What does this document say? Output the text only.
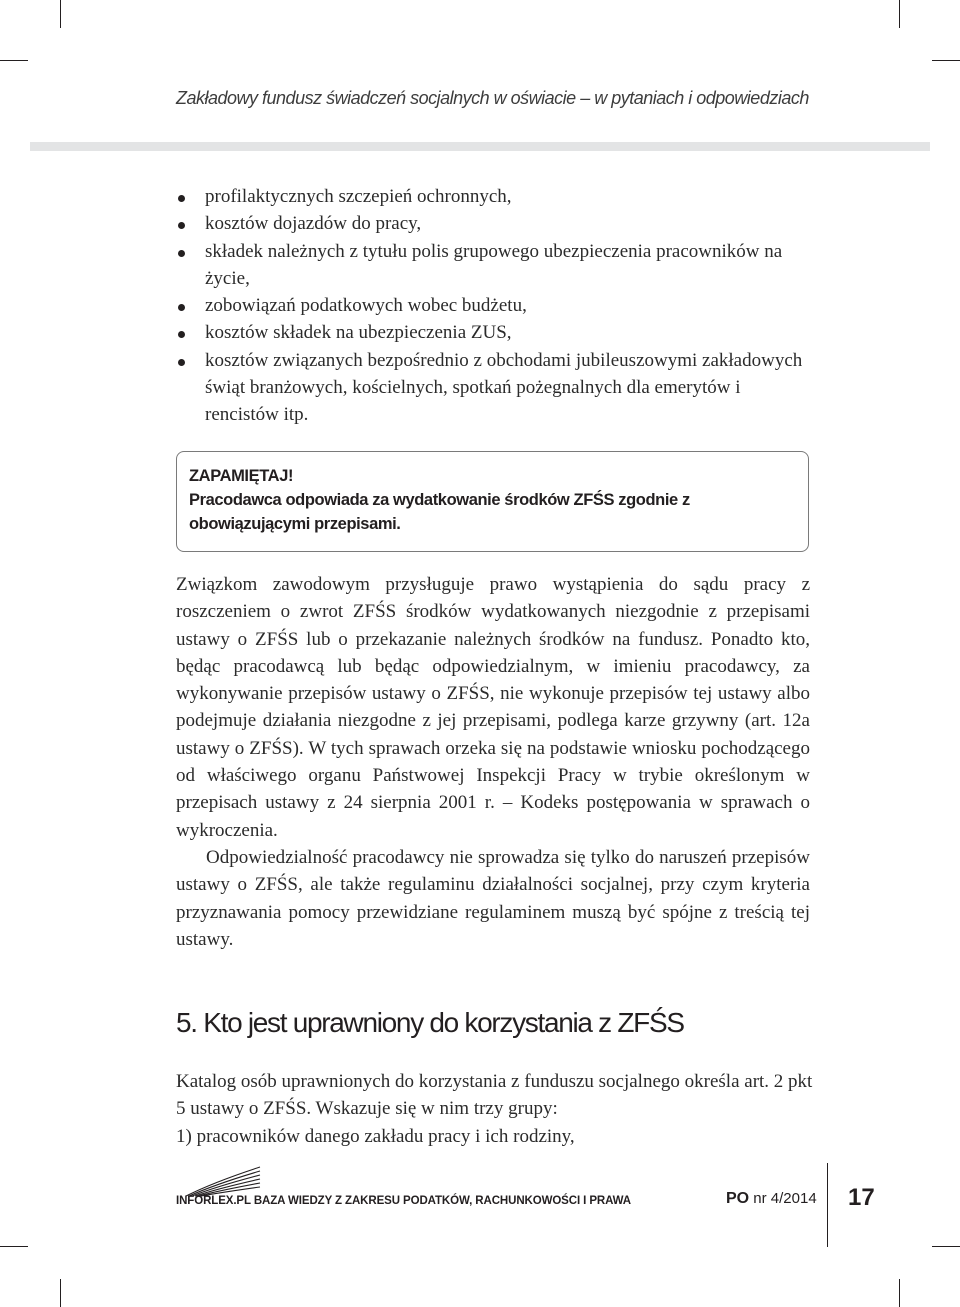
Zakładowy fundusz świadczeń socjalnych w oświacie – w pytaniach i odpowiedziach
profilaktycznych szczepień ochronnych,
kosztów dojazdów do pracy,
składek należnych z tytułu polis grupowego ubezpieczenia pracowników na życie,
zobowiązań podatkowych wobec budżetu,
kosztów składek na ubezpieczenia ZUS,
kosztów związanych bezpośrednio z obchodami jubileuszowymi zakładowych świąt branżowych, kościelnych, spotkań pożegnalnych dla emerytów i rencistów itp.
ZAPAMIĘTAJ!
Pracodawca odpowiada za wydatkowanie środków ZFŚS zgodnie z obowiązującymi przepisami.

Związkom zawodowym przysługuje prawo wystąpienia do sądu pracy z roszczeniem o zwrot ZFŚS środków wydatkowanych niezgodnie z przepisami ustawy o ZFŚS lub o przekazanie należnych środków na fundusz. Ponadto kto, będąc pracodawcą lub będąc odpowiedzialnym, w imieniu pracodawcy, za wykonywanie przepisów ustawy o ZFŚS, nie wykonuje przepisów tej ustawy albo podejmuje działania niezgodne z jej przepisami, podlega karze grzywny (art. 12a ustawy o ZFŚS). W tych sprawach orzeka się na podstawie wniosku pochodzącego od właściwego organu Państwowej Inspekcji Pracy w trybie określonym w przepisach ustawy z 24 sierpnia 2001 r. – Kodeks postępowania w sprawach o wykroczenia.

Odpowiedzialność pracodawcy nie sprowadza się tylko do naruszeń przepisów ustawy o ZFŚS, ale także regulaminu działalności socjalnej, przy czym kryteria przyznawania pomocy przewidziane regulaminem muszą być spójne z treścią tej ustawy.

5. Kto jest uprawniony do korzystania z ZFŚS

Katalog osób uprawnionych do korzystania z funduszu socjalnego określa art. 2 pkt 5 ustawy o ZFŚS. Wskazuje się w nim trzy grupy:

1) pracowników danego zakładu pracy i ich rodziny,

INFORLEX.PL BAZA WIEDZY Z ZAKRESU PODATKÓW, RACHUNKOWOŚCI I PRAWA	PO nr 4/2014 17
